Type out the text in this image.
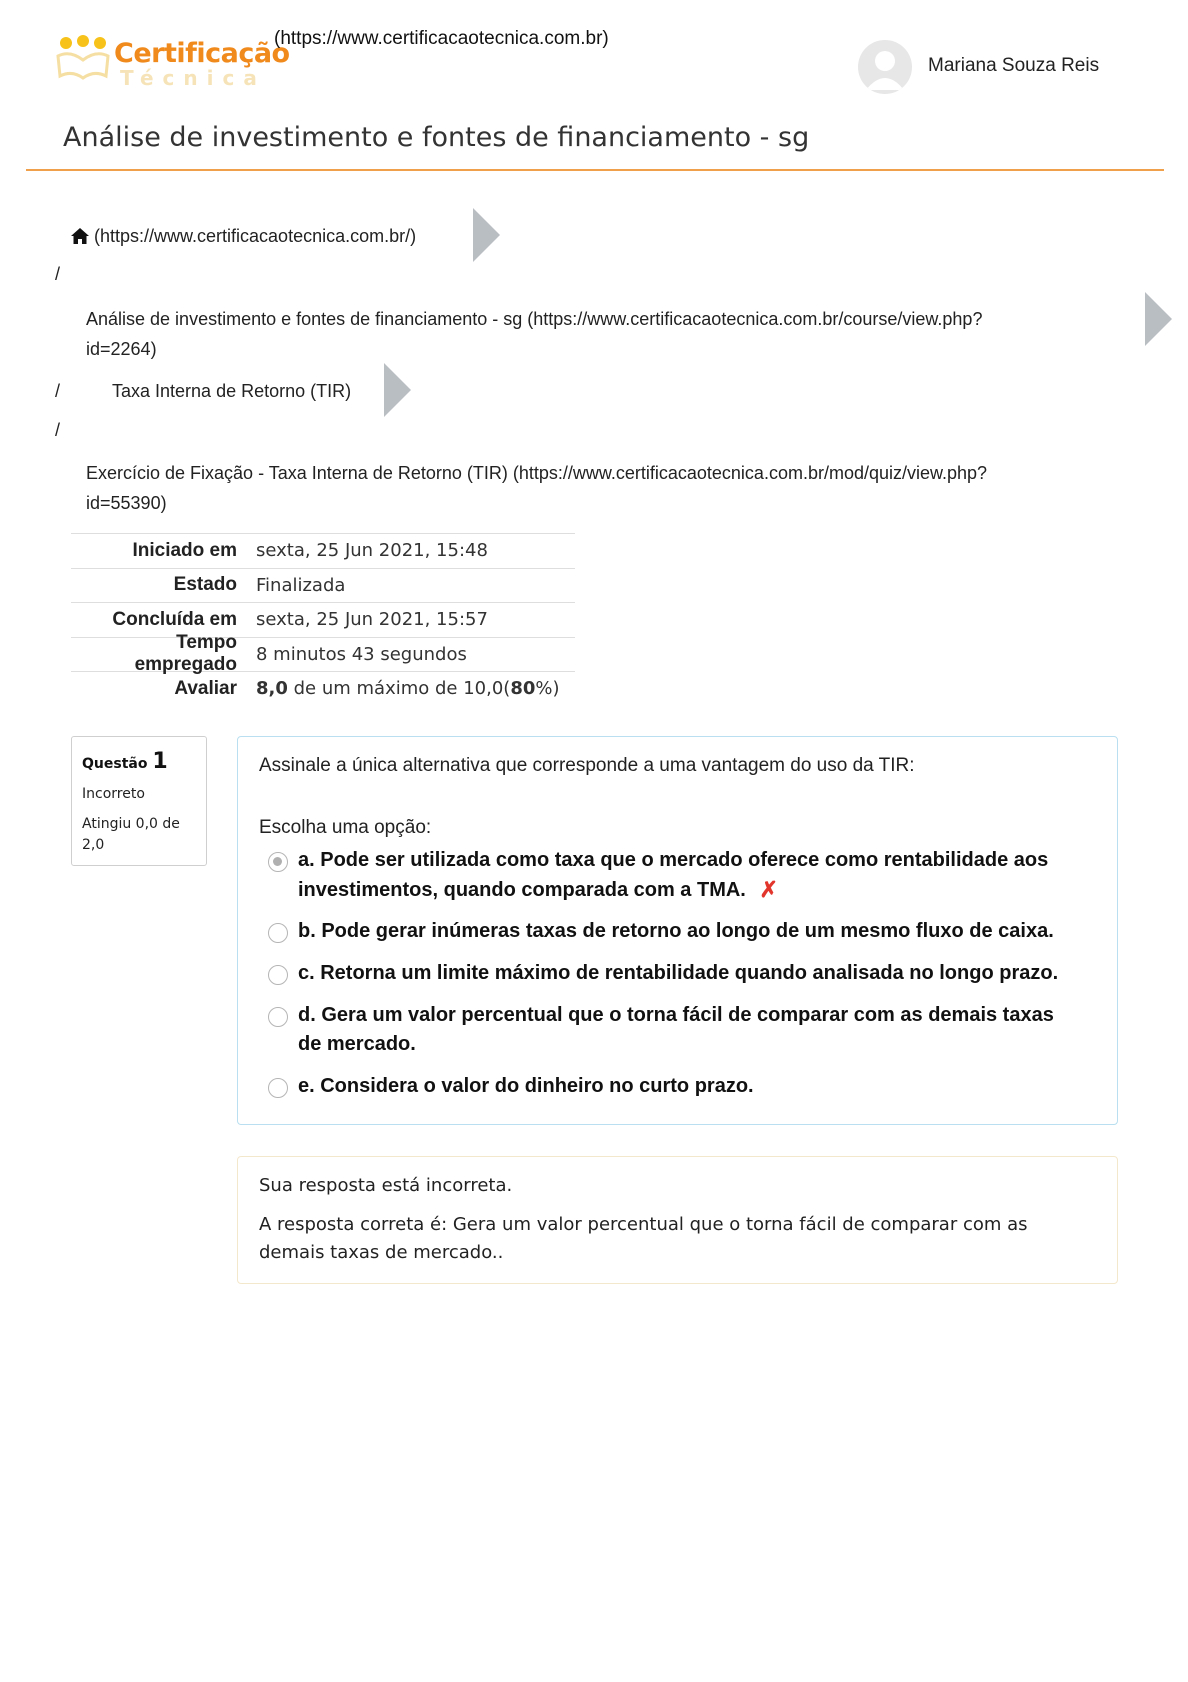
Certificação
Técnica
(https://www.certificacaotecnica.com.br)
Mariana Souza Reis
Análise de investimento e fontes de financiamento - sg
(https://www.certificacaotecnica.com.br/)
/
Análise de investimento e fontes de financiamento - sg (https://www.certificacaotecnica.com.br/course/view.php?
id=2264)
/	Taxa Interna de Retorno (TIR)
/
Exercício de Fixação - Taxa Interna de Retorno (TIR) (https://www.certificacaotecnica.com.br/mod/quiz/view.php?
id=55390)
Iniciado em	sexta, 25 Jun 2021, 15:48
Estado	Finalizada
Concluída em	sexta, 25 Jun 2021, 15:57
Tempo empregado	8 minutos 43 segundos
Avaliar	8,0 de um máximo de 10,0(80%)
Questão 1
Incorreto
Atingiu 0,0 de 2,0
Assinale a única alternativa que corresponde a uma vantagem do uso da TIR:
Escolha uma opção:
a. Pode ser utilizada como taxa que o mercado oferece como rentabilidade aos
investimentos, quando comparada com a TMA. ✗
b. Pode gerar inúmeras taxas de retorno ao longo de um mesmo fluxo de caixa.
c. Retorna um limite máximo de rentabilidade quando analisada no longo prazo.
d. Gera um valor percentual que o torna fácil de comparar com as demais taxas
de mercado.
e. Considera o valor do dinheiro no curto prazo.
Sua resposta está incorreta.
A resposta correta é: Gera um valor percentual que o torna fácil de comparar com as demais taxas de mercado..
